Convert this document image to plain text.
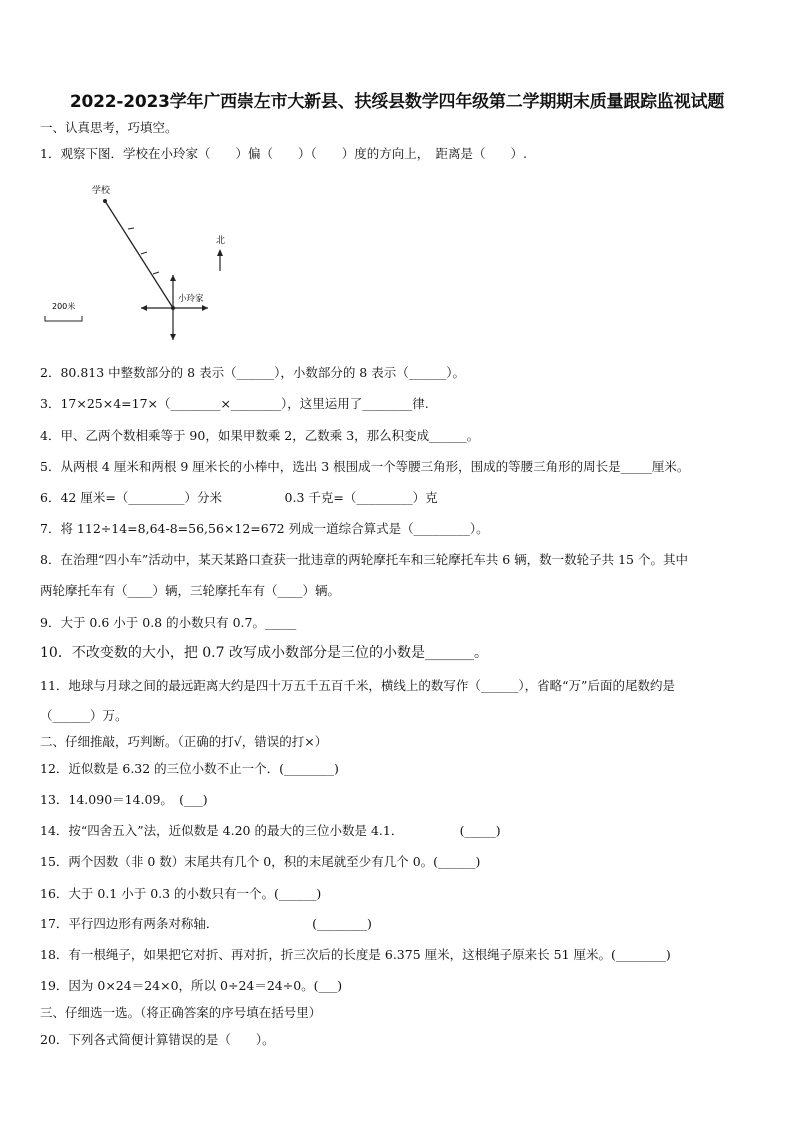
2022-2023学年广西崇左市大新县、扶绥县数学四年级第二学期期末质量跟踪监视试题
一、认真思考，巧填空。
1．观察下图．学校在小玲家（　　）偏（　　）（　　）度的方向上，　距离是（　　）.
学校
小玲家
北
200米
2．80.813 中整数部分的 8 表示（______），小数部分的 8 表示（______）。
3．17×25×4=17×（________×________），这里运用了________律.
4．甲、乙两个数相乘等于 90，如果甲数乘 2，乙数乘 3，那么积变成______。
5．从两根 4 厘米和两根 9 厘米长的小棒中，选出 3 根围成一个等腰三角形，围成的等腰三角形的周长是_____厘米。
6．42 厘米=（_________）分米　　　　　0.3 千克=（_________）克
7．将 112÷14=8,64-8=56,56×12=672 列成一道综合算式是（_________）。
8．在治理“四小车”活动中，某天某路口查获一批违章的两轮摩托车和三轮摩托车共 6 辆，数一数轮子共 15 个。其中
两轮摩托车有（____）辆，三轮摩托车有（____）辆。
9．大于 0.6 小于 0.8 的小数只有 0.7。_____
10．不改变数的大小，把 0.7 改写成小数部分是三位的小数是_______。
11．地球与月球之间的最远距离大约是四十万五千五百千米，横线上的数写作（______），省略“万”后面的尾数约是
（______）万。
二、仔细推敲，巧判断。（正确的打√，错误的打×）
12．近似数是 6.32 的三位小数不止一个．(________)
13．14.090＝14.09。　(___)
14．按“四舍五入”法，近似数是 4.20 的最大的三位小数是 4.1．　　　　　(_____)
15．两个因数（非 0 数）末尾共有几个 0，积的末尾就至少有几个 0。(______)
16．大于 0.1 小于 0.3 的小数只有一个。(______)
17．平行四边形有两条对称轴．　　　　　　　　(________)
18．有一根绳子，如果把它对折、再对折，折三次后的长度是 6.375 厘米，这根绳子原来长 51 厘米。(________)
19．因为 0×24＝24×0，所以 0÷24＝24÷0。(___)
三、仔细选一选。（将正确答案的序号填在括号里）
20．下列各式简便计算错误的是（　　）。
